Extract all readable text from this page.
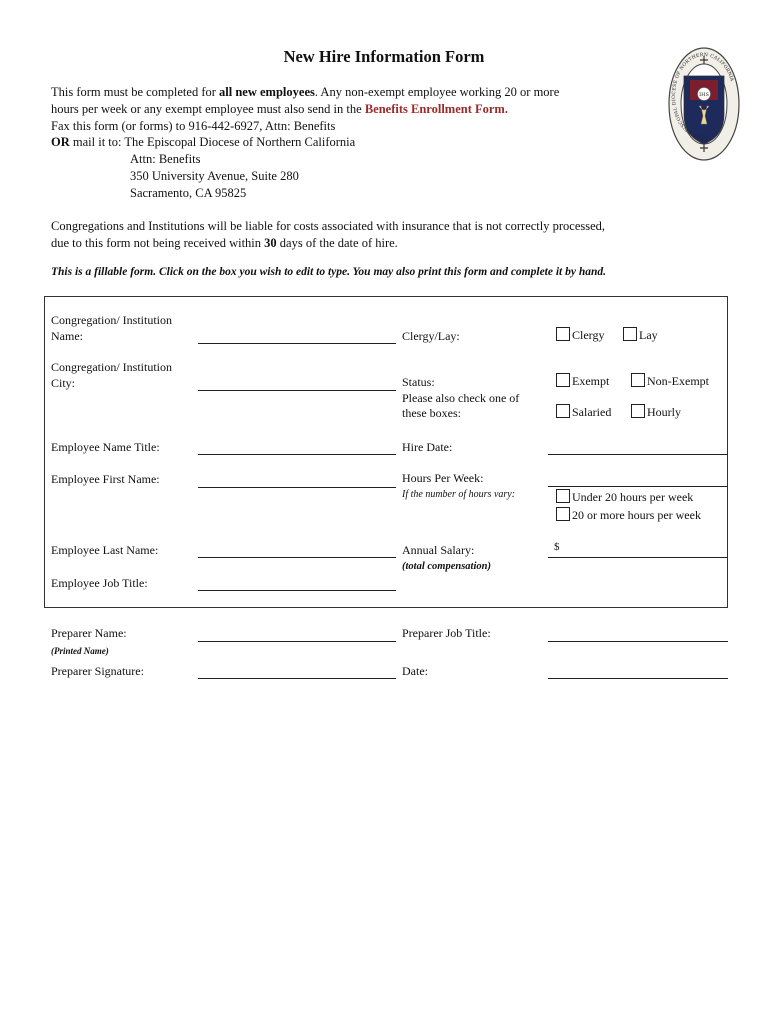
New Hire Information Form
THE EPISCOPAL DIOCESE OF NORTHERN CALIFORNIA
IHS
This form must be completed for all new employees. Any non-exempt employee working 20 or more
hours per week or any exempt employee must also send in the Benefits Enrollment Form.
Fax this form (or forms) to 916-442-6927, Attn: Benefits
OR mail it to: The Episcopal Diocese of Northern California
Attn: Benefits
350 University Avenue, Suite 280
Sacramento, CA 95825
Congregations and Institutions will be liable for costs associated with insurance that is not correctly processed,
due to this form not being received within 30 days of the date of hire.
This is a fillable form. Click on the box you wish to edit to type. You may also print this form and complete it by hand.
Congregation/ Institution
Name:
Congregation/ Institution
City:
Employee Name Title:
Employee First Name:
Employee Last Name:
Employee Job Title:
Clergy/Lay:	Clergy	Lay
Status:
Please also check one of
these boxes:
Exempt	Non-Exempt
Salaried	Hourly
Hire Date:
Hours Per Week:
If the number of hours vary:	Under 20 hours per week
20 or more hours per week
Annual Salary:
(total compensation)
$
Preparer Name:
(Printed Name)
Preparer Signature:
Preparer Job Title:
Date:
